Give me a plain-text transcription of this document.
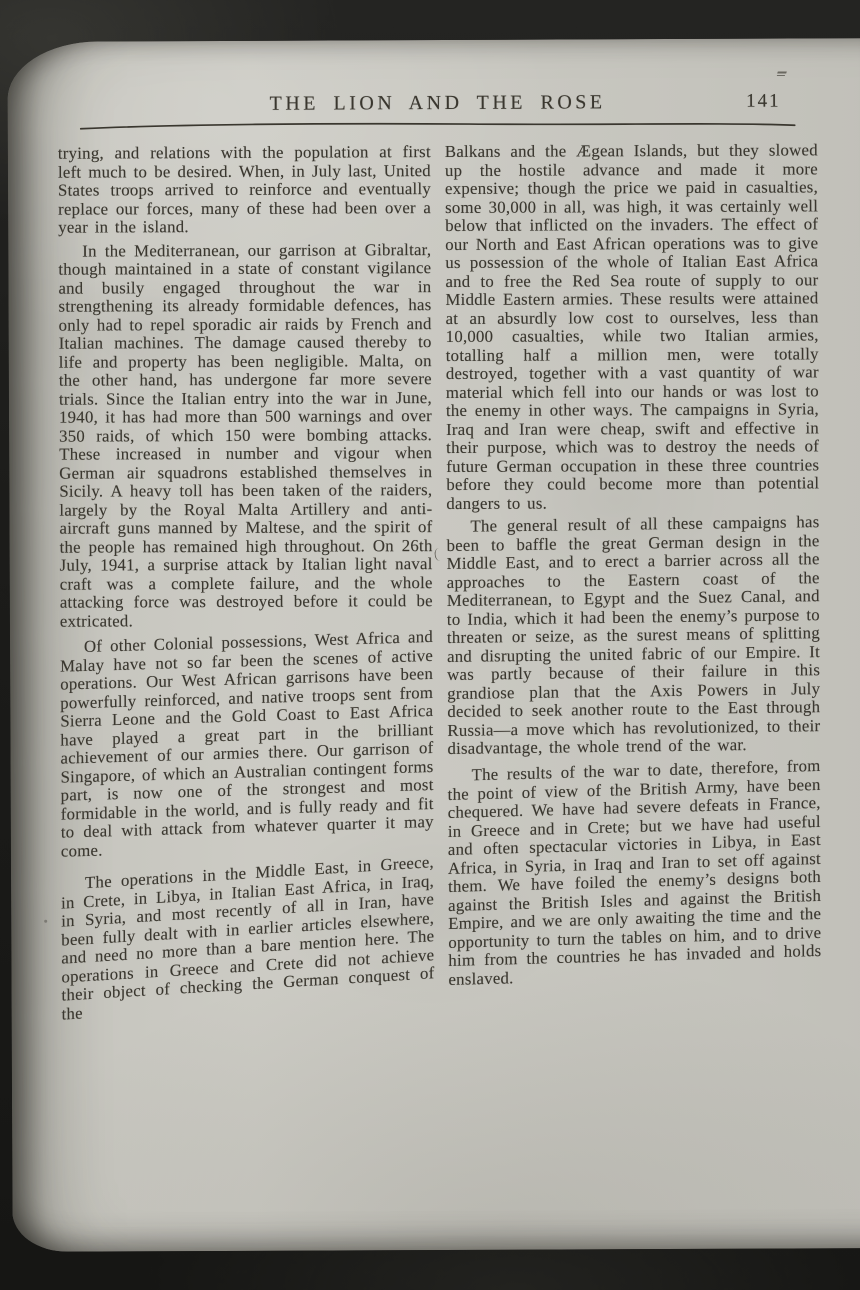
THE LION AND THE ROSE	141

trying, and relations with the population at first left much to be desired. When, in July last, United States troops arrived to reinforce and eventually replace our forces, many of these had been over a year in the island.

In the Mediterranean, our garrison at Gibraltar, though maintained in a state of constant vigilance and busily engaged throughout the war in strengthening its already formidable defences, has only had to repel sporadic air raids by French and Italian machines. The damage caused thereby to life and property has been negligible. Malta, on the other hand, has undergone far more severe trials. Since the Italian entry into the war in June, 1940, it has had more than 500 warnings and over 350 raids, of which 150 were bombing attacks. These increased in number and vigour when German air squadrons established themselves in Sicily. A heavy toll has been taken of the raiders, largely by the Royal Malta Artillery and anti-aircraft guns manned by Maltese, and the spirit of the people has remained high throughout. On 26th July, 1941, a surprise attack by Italian light naval craft was a complete failure, and the whole attacking force was destroyed before it could be extricated.

Of other Colonial possessions, West Africa and Malay have not so far been the scenes of active operations. Our West African garrisons have been powerfully reinforced, and native troops sent from Sierra Leone and the Gold Coast to East Africa have played a great part in the brilliant achievement of our armies there. Our garrison of Singapore, of which an Australian contingent forms part, is now one of the strongest and most formidable in the world, and is fully ready and fit to deal with attack from whatever quarter it may come.

The operations in the Middle East, in Greece, in Crete, in Libya, in Italian East Africa, in Iraq, in Syria, and most recently of all in Iran, have been fully dealt with in earlier articles elsewhere, and need no more than a bare mention here. The operations in Greece and Crete did not achieve their object of checking the German conquest of the

Balkans and the Ægean Islands, but they slowed up the hostile advance and made it more expensive; though the price we paid in casualties, some 30,000 in all, was high, it was certainly well below that inflicted on the invaders. The effect of our North and East African operations was to give us possession of the whole of Italian East Africa and to free the Red Sea route of supply to our Middle Eastern armies. These results were attained at an absurdly low cost to ourselves, less than 10,000 casualties, while two Italian armies, totalling half a million men, were totally destroyed, together with a vast quantity of war material which fell into our hands or was lost to the enemy in other ways. The campaigns in Syria, Iraq and Iran were cheap, swift and effective in their purpose, which was to destroy the needs of future German occupation in these three countries before they could become more than potential dangers to us.

The general result of all these campaigns has been to baffle the great German design in the Middle East, and to erect a barrier across all the approaches to the Eastern coast of the Mediterranean, to Egypt and the Suez Canal, and to India, which it had been the enemy’s purpose to threaten or seize, as the surest means of splitting and disrupting the united fabric of our Empire. It was partly because of their failure in this grandiose plan that the Axis Powers in July decided to seek another route to the East through Russia—a move which has revolutionized, to their disadvantage, the whole trend of the war.

The results of the war to date, therefore, from the point of view of the British Army, have been chequered. We have had severe defeats in France, in Greece and in Crete; but we have had useful and often spectacular victories in Libya, in East Africa, in Syria, in Iraq and Iran to set off against them. We have foiled the enemy’s designs both against the British Isles and against the British Empire, and we are only awaiting the time and the opportunity to turn the tables on him, and to drive him from the countries he has invaded and holds enslaved.
